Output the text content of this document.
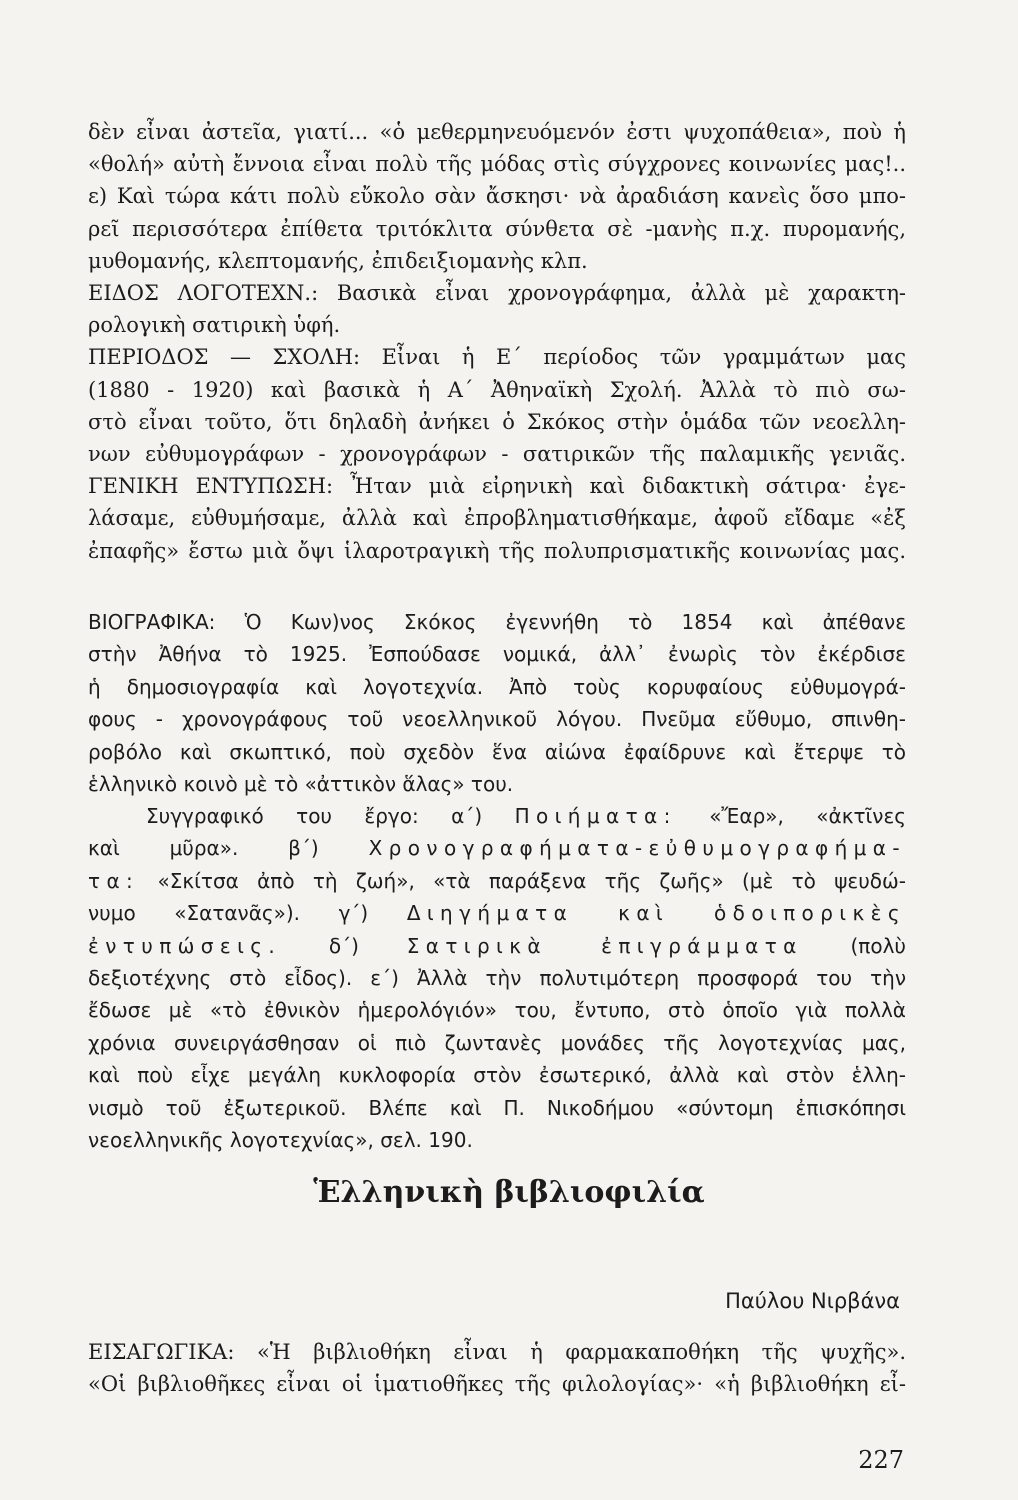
δὲν εἶναι ἀστεῖα, γιατί... «ὁ μεθερμηνευόμενόν ἐστι ψυχοπάθεια», ποὺ ἡ
«θολή» αὐτὴ ἔννοια εἶναι πολὺ τῆς μόδας στὶς σύγχρονες κοινωνίες μας!..
ε) Καὶ τώρα κάτι πολὺ εὔκολο σὰν ἄσκησι· νὰ ἀραδιάση κανεὶς ὅσο μπο-
ρεῖ περισσότερα ἐπίθετα τριτόκλιτα σύνθετα σὲ -μανὴς π.χ. πυρομανής,
μυθομανής, κλεπτομανής, ἐπιδειξιομανὴς κλπ.
ΕΙΔΟΣ ΛΟΓΟΤΕΧΝ.: Βασικὰ εἶναι χρονογράφημα, ἀλλὰ μὲ χαρακτη-
ρολογικὴ σατιρικὴ ὑφή.
ΠΕΡΙΟΔΟΣ — ΣΧΟΛΗ: Εἶναι ἡ Ε΄ περίοδος τῶν γραμμάτων μας
(1880 - 1920) καὶ βασικὰ ἡ Α΄ Ἀθηναϊκὴ Σχολή. Ἀλλὰ τὸ πιὸ σω-
στὸ εἶναι τοῦτο, ὅτι δηλαδὴ ἀνήκει ὁ Σκόκος στὴν ὁμάδα τῶν νεοελλη-
νων εὐθυμογράφων - χρονογράφων - σατιρικῶν τῆς παλαμικῆς γενιᾶς.
ΓΕΝΙΚΗ ΕΝΤΥΠΩΣΗ: Ἦταν μιὰ εἰρηνικὴ καὶ διδακτικὴ σάτιρα· ἐγε-
λάσαμε, εὐθυμήσαμε, ἀλλὰ καὶ ἐπροβληματισθήκαμε, ἀφοῦ εἴδαμε «ἐξ
ἐπαφῆς» ἔστω μιὰ ὄψι ἱλαροτραγικὴ τῆς πολυπρισματικῆς κοινωνίας μας.
ΒΙΟΓΡΑΦΙΚΑ: Ὁ Κων)νος Σκόκος ἐγεννήθη τὸ 1854 καὶ ἀπέθανε
στὴν Ἀθήνα τὸ 1925. Ἐσπούδασε νομικά, ἀλλ᾽ ἐνωρὶς τὸν ἐκέρδισε
ἡ δημοσιογραφία καὶ λογοτεχνία. Ἀπὸ τοὺς κορυφαίους εὐθυμογρά-
φους - χρονογράφους τοῦ νεοελληνικοῦ λόγου. Πνεῦμα εὔθυμο, σπινθη-
ροβόλο καὶ σκωπτικό, ποὺ σχεδὸν ἕνα αἰώνα ἐφαίδρυνε καὶ ἔτερψε τὸ
ἑλληνικὸ κοινὸ μὲ τὸ «ἀττικὸν ἅλας» του.
Συγγραφικό του ἔργο: α΄) Ποιήματα: «Ἔαρ», «ἀκτῖνες
καὶ μῦρα». β΄) Χρονογραφήματα-εὐθυμογραφήμα-
τα: «Σκίτσα ἀπὸ τὴ ζωή», «τὰ παράξενα τῆς ζωῆς» (μὲ τὸ ψευδώ-
νυμο «Σατανᾶς»). γ΄) Διηγήματα καὶ ὁδοιπορικὲς
ἐντυπώσεις. δ΄) Σατιρικὰ ἐπιγράμματα (πολὺ
δεξιοτέχνης στὸ εἶδος). ε΄) Ἀλλὰ τὴν πολυτιμότερη προσφορά του τὴν
ἔδωσε μὲ «τὸ ἐθνικὸν ἡμερολόγιόν» του, ἔντυπο, στὸ ὁποῖο γιὰ πολλὰ
χρόνια συνειργάσθησαν οἱ πιὸ ζωντανὲς μονάδες τῆς λογοτεχνίας μας,
καὶ ποὺ εἶχε μεγάλη κυκλοφορία στὸν ἐσωτερικό, ἀλλὰ καὶ στὸν ἑλλη-
νισμὸ τοῦ ἐξωτερικοῦ. Βλέπε καὶ Π. Νικοδήμου «σύντομη ἐπισκόπησι
νεοελληνικῆς λογοτεχνίας», σελ. 190.
Ἑλληνικὴ βιβλιοφιλία
Παύλου Νιρβάνα
ΕΙΣΑΓΩΓΙΚΑ: «Ἡ βιβλιοθήκη εἶναι ἡ φαρμακαποθήκη τῆς ψυχῆς».
«Οἱ βιβλιοθῆκες εἶναι οἱ ἱματιοθῆκες τῆς φιλολογίας»· «ἡ βιβλιοθήκη εἶ-
227
